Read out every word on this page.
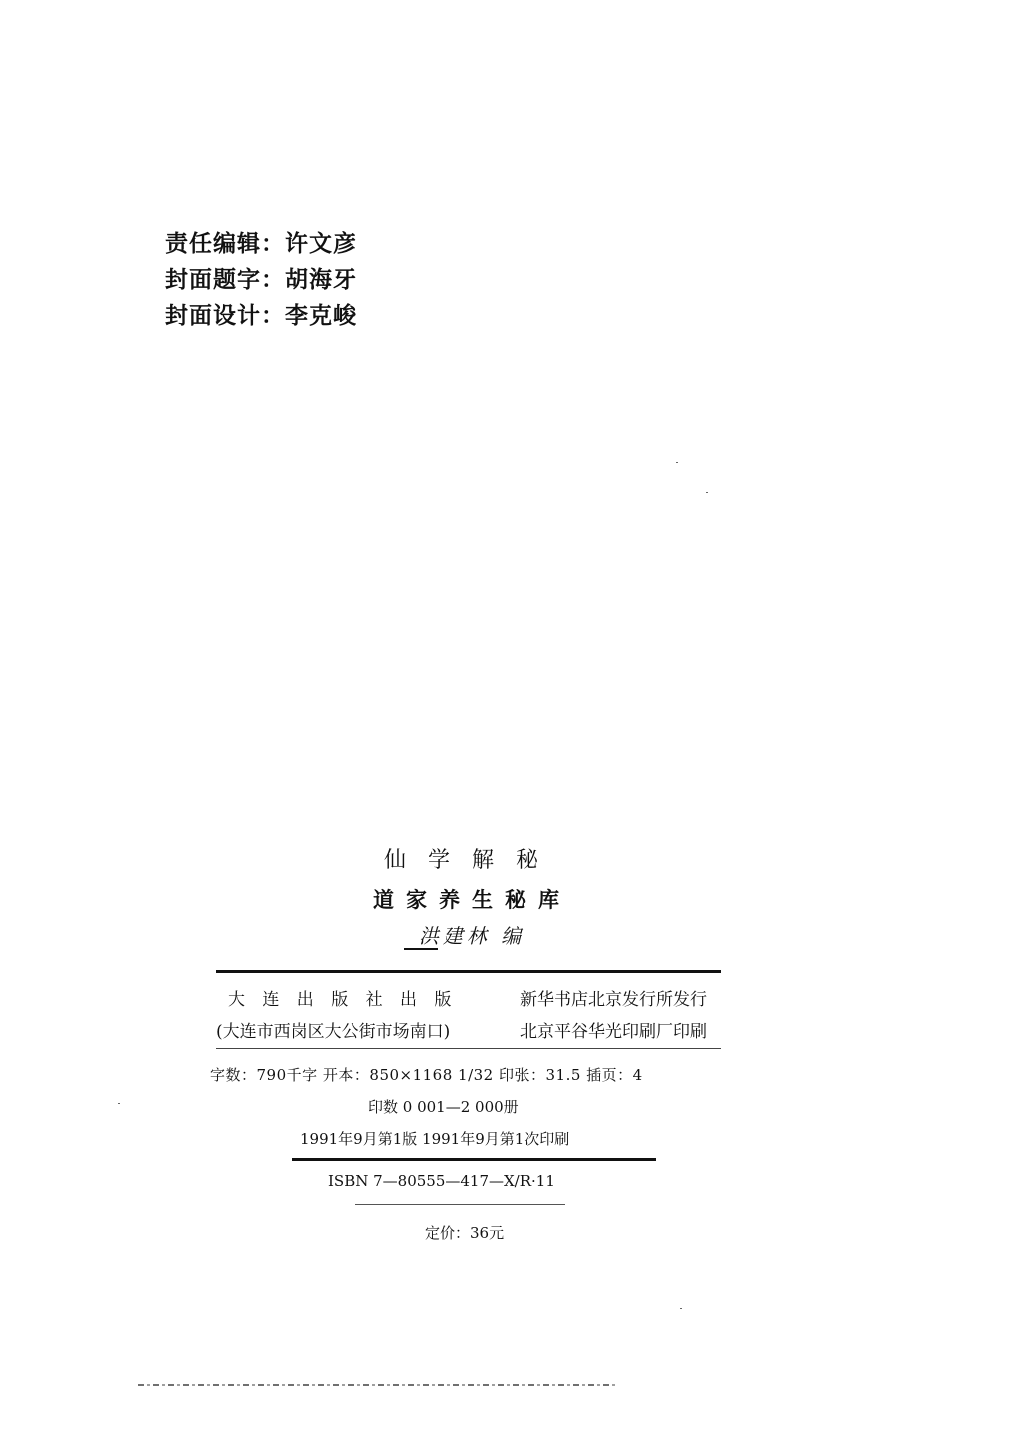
责任编辑：许文彦
封面题字：胡海牙
封面设计：李克峻
仙学解秘
道家养生秘库
洪建林 编
大 连 出 版 社 出 版	新华书店北京发行所发行
(大连市西岗区大公街市场南口)	北京平谷华光印刷厂印刷
字数：790千字 开本：850×1168 1/32 印张：31.5 插页：4
印数 0 001—2 000册
1991年9月第1版 1991年9月第1次印刷
ISBN 7—80555—417—X/R·11
定价：36元
